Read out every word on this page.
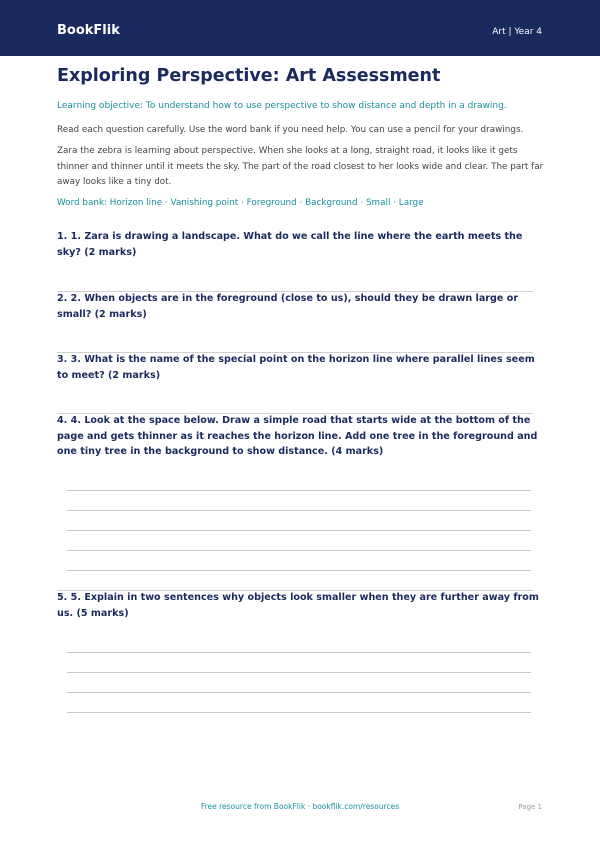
BookFlik	Art | Year 4
Exploring Perspective: Art Assessment
Learning objective: To understand how to use perspective to show distance and depth in a drawing.
Read each question carefully. Use the word bank if you need help. You can use a pencil for your drawings.
Zara the zebra is learning about perspective. When she looks at a long, straight road, it looks like it gets thinner and thinner until it meets the sky. The part of the road closest to her looks wide and clear. The part far away looks like a tiny dot.
Word bank: Horizon line · Vanishing point · Foreground · Background · Small · Large
1. 1. Zara is drawing a landscape. What do we call the line where the earth meets the sky? (2 marks)
2. 2. When objects are in the foreground (close to us), should they be drawn large or small? (2 marks)
3. 3. What is the name of the special point on the horizon line where parallel lines seem to meet? (2 marks)
4. 4. Look at the space below. Draw a simple road that starts wide at the bottom of the page and gets thinner as it reaches the horizon line. Add one tree in the foreground and one tiny tree in the background to show distance. (4 marks)
5. 5. Explain in two sentences why objects look smaller when they are further away from us. (5 marks)
Free resource from BookFlik · bookflik.com/resources	Page 1
